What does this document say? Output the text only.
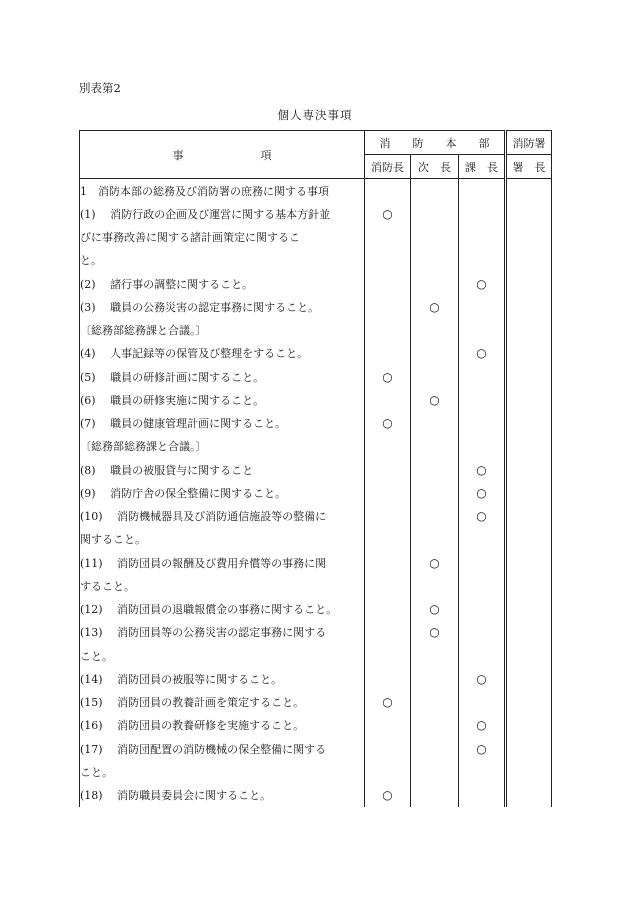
別表第2
個人専決事項
事　　　　　　　項	消　　防　　本　　部			消防署
	消防長	次　長	課　長	署　長
1　消防本部の総務及び消防署の庶務に関する事項				
(1)　 消防行政の企画及び運営に関する基本方針並	○			
びに事務改善に関する諸計画策定に関するこ				
と。				
(2)　 諸行事の調整に関すること。			○	
(3)　 職員の公務災害の認定事務に関すること。		○		
〔総務部総務課と合議。〕				
(4)　 人事記録等の保管及び整理をすること。			○	
(5)　 職員の研修計画に関すること。	○			
(6)　 職員の研修実施に関すること。		○		
(7)　 職員の健康管理計画に関すること。	○			
〔総務部総務課と合議。〕				
(8)　 職員の被服貸与に関すること			○	
(9)　 消防庁舎の保全整備に関すること。			○	
(10)　 消防機械器具及び消防通信施設等の整備に			○	
関すること。				
(11)　 消防団員の報酬及び費用弁償等の事務に関		○		
すること。				
(12)　 消防団員の退職報償金の事務に関すること。		○		
(13)　 消防団員等の公務災害の認定事務に関する		○		
こと。				
(14)　 消防団員の被服等に関すること。			○	
(15)　 消防団員の教養計画を策定すること。	○			
(16)　 消防団員の教養研修を実施すること。			○	
(17)　 消防団配置の消防機械の保全整備に関する			○	
こと。				
(18)　 消防職員委員会に関すること。	○			
